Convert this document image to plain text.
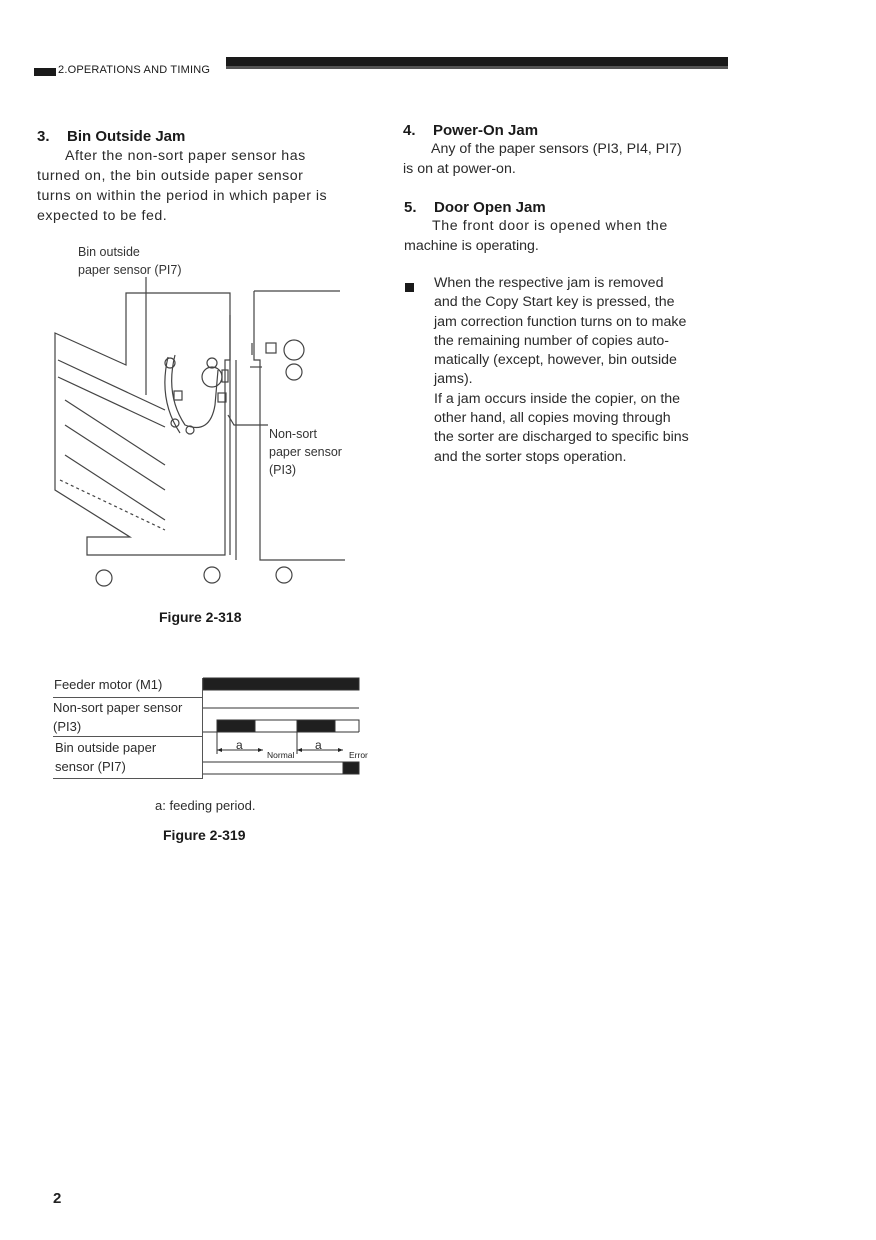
2.OPERATIONS AND TIMING
3. Bin Outside Jam
After the non-sort paper sensor has
turned on, the bin outside paper sensor
turns on within the period in which paper is
expected to be fed.
Bin outside
paper sensor (PI7)
Non-sort
paper sensor
(PI3)
Figure 2-318
Feeder motor (M1)
Non-sort paper sensor
(PI3)
Bin outside paper
sensor (PI7)
a	a
Normal	Error
a: feeding period.
Figure 2-319
4. Power-On Jam
Any of the paper sensors (PI3, PI4, PI7)
is on at power-on.
5. Door Open Jam
The front door is opened when the
machine is operating.
When the respective jam is removed
and the Copy Start key is pressed, the
jam correction function turns on to make
the remaining number of copies auto-
matically (except, however, bin outside
jams).
If a jam occurs inside the copier, on the
other hand, all copies moving through
the sorter are discharged to specific bins
and the sorter stops operation.
2
